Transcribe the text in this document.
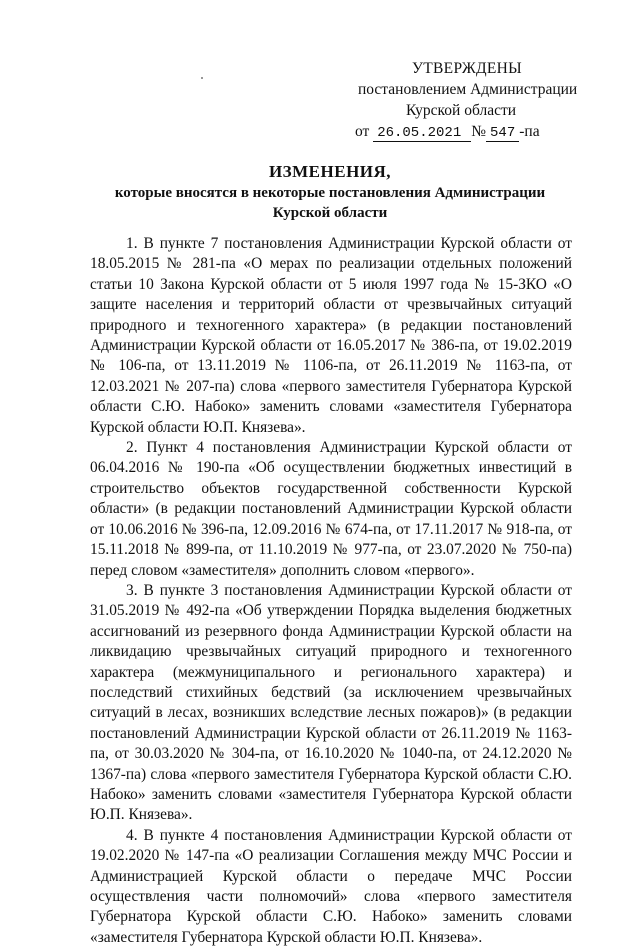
УТВЕРЖДЕНЫ
постановлением Администрации
Курской области
от 26.05.2021 № 547 -па
ИЗМЕНЕНИЯ,
которые вносятся в некоторые постановления Администрации
Курской области

1. В пункте 7 постановления Администрации Курской области от 18.05.2015 № 281-па «О мерах по реализации отдельных положений статьи 10 Закона Курской области от 5 июля 1997 года № 15-ЗКО «О защите населения и территорий области от чрезвычайных ситуаций природного и техногенного характера» (в редакции постановлений Администрации Курской области от 16.05.2017 № 386-па, от 19.02.2019 № 106-па, от 13.11.2019 № 1106-па, от 26.11.2019 № 1163-па, от 12.03.2021 № 207-па) слова «первого заместителя Губернатора Курской области С.Ю. Набоко» заменить словами «заместителя Губернатора Курской области Ю.П. Князева».

2. Пункт 4 постановления Администрации Курской области от 06.04.2016 № 190-па «Об осуществлении бюджетных инвестиций в строительство объектов государственной собственности Курской области» (в редакции постановлений Администрации Курской области от 10.06.2016 № 396-па, 12.09.2016 № 674-па, от 17.11.2017 № 918-па, от 15.11.2018 № 899-па, от 11.10.2019 № 977-па, от 23.07.2020 № 750-па) перед словом «заместителя» дополнить словом «первого».

3. В пункте 3 постановления Администрации Курской области от 31.05.2019 № 492-па «Об утверждении Порядка выделения бюджетных ассигнований из резервного фонда Администрации Курской области на ликвидацию чрезвычайных ситуаций природного и техногенного характера (межмуниципального и регионального характера) и последствий стихийных бедствий (за исключением чрезвычайных ситуаций в лесах, возникших вследствие лесных пожаров)» (в редакции постановлений Администрации Курской области от 26.11.2019 № 1163-па, от 30.03.2020 № 304-па, от 16.10.2020 № 1040-па, от 24.12.2020 № 1367-па) слова «первого заместителя Губернатора Курской области С.Ю. Набоко» заменить словами «заместителя Губернатора Курской области Ю.П. Князева».

4. В пункте 4 постановления Администрации Курской области от 19.02.2020 № 147-па «О реализации Соглашения между МЧС России и Администрацией Курской области о передаче МЧС России осуществления части полномочий» слова «первого заместителя Губернатора Курской области С.Ю. Набоко» заменить словами «заместителя Губернатора Курской области Ю.П. Князева».
